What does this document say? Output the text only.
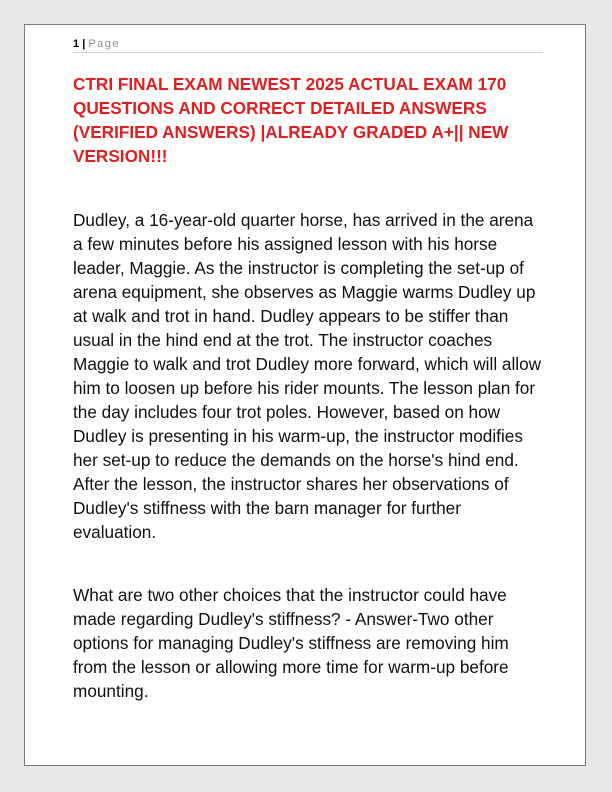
1 | Page
CTRI FINAL EXAM NEWEST 2025 ACTUAL EXAM 170 QUESTIONS AND CORRECT DETAILED ANSWERS (VERIFIED ANSWERS) |ALREADY GRADED A+|| NEW VERSION!!!

Dudley, a 16-year-old quarter horse, has arrived in the arena a few minutes before his assigned lesson with his horse leader, Maggie. As the instructor is completing the set-up of arena equipment, she observes as Maggie warms Dudley up at walk and trot in hand. Dudley appears to be stiffer than usual in the hind end at the trot. The instructor coaches Maggie to walk and trot Dudley more forward, which will allow him to loosen up before his rider mounts. The lesson plan for the day includes four trot poles. However, based on how Dudley is presenting in his warm-up, the instructor modifies her set-up to reduce the demands on the horse's hind end. After the lesson, the instructor shares her observations of Dudley's stiffness with the barn manager for further evaluation.

What are two other choices that the instructor could have made regarding Dudley's stiffness? - Answer-Two other options for managing Dudley's stiffness are removing him from the lesson or allowing more time for warm-up before mounting.
